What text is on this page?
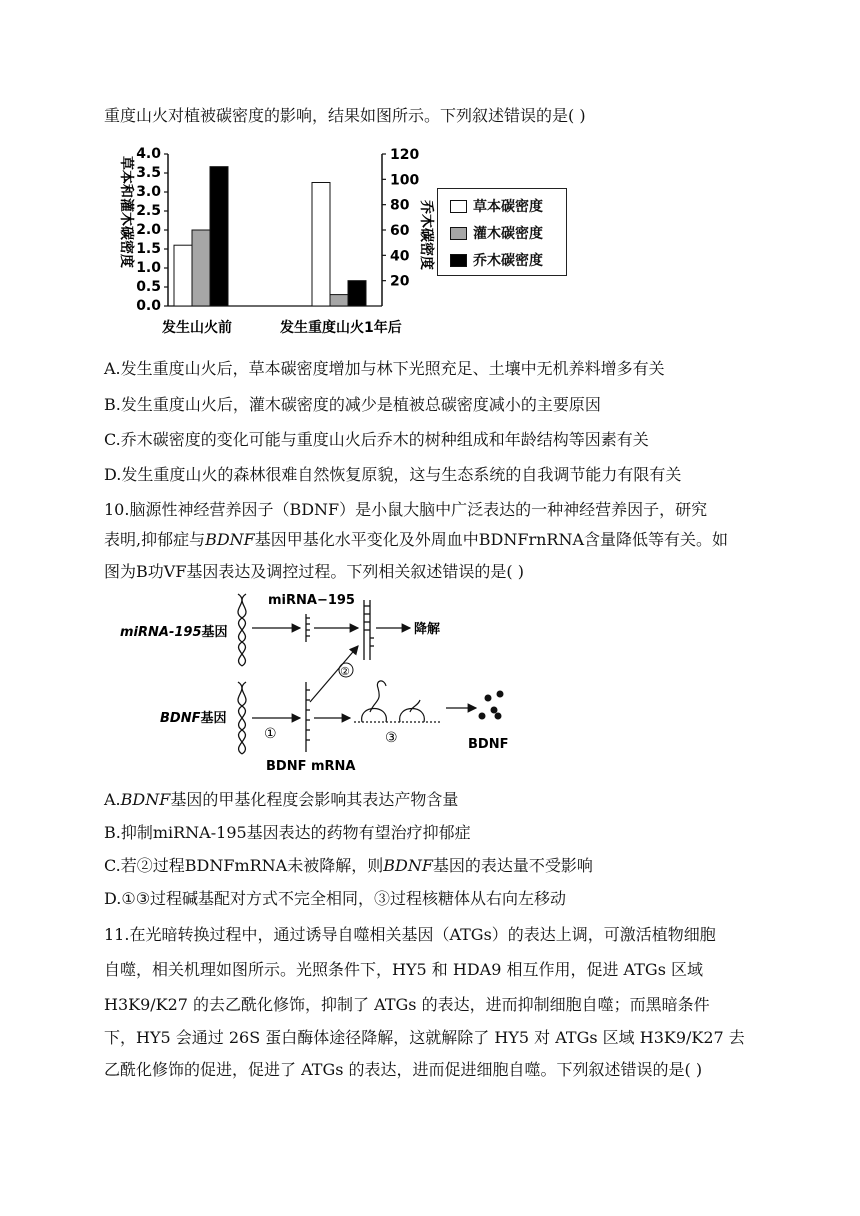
重度山火对植被碳密度的影响，结果如图所示。下列叙述错误的是( )
0.0
0.5
1.0
1.5
2.0
2.5
3.0
3.5
4.0
20
40
60
80
100
120
发生山火前	发生重度山火1年后
草本和灌木碳密度	乔木碳密度	草本碳密度
灌木碳密度
乔木碳密度
A.发生重度山火后，草本碳密度增加与林下光照充足、土壤中无机养料增多有关
B.发生重度山火后，灌木碳密度的减少是植被总碳密度减小的主要原因
C.乔木碳密度的变化可能与重度山火后乔木的树种组成和年龄结构等因素有关
D.发生重度山火的森林很难自然恢复原貌，这与生态系统的自我调节能力有限有关
10.脑源性神经营养因子（BDNF）是小鼠大脑中广泛表达的一种神经营养因子，研究
表明,抑郁症与BDNF基因甲基化水平变化及外周血中BDNFrnRNA含量降低等有关。如
图为B功VF基因表达及调控过程。下列相关叙述错误的是( )
miRNA-195基因
miRNA−195
降解
②
BDNF基因
①
BDNF mRNA
③	BDNF
A.BDNF基因的甲基化程度会影响其表达产物含量
B.抑制miRNA-195基因表达的药物有望治疗抑郁症
C.若②过程BDNFmRNA未被降解，则BDNF基因的表达量不受影响
D.①③过程碱基配对方式不完全相同，③过程核糖体从右向左移动
11.在光暗转换过程中，通过诱导自噬相关基因（ATGs）的表达上调，可激活植物细胞
自噬，相关机理如图所示。光照条件下，HY5 和 HDA9 相互作用，促进 ATGs 区域
H3K9/K27 的去乙酰化修饰，抑制了 ATGs 的表达，进而抑制细胞自噬；而黑暗条件
下，HY5 会通过 26S 蛋白酶体途径降解，这就解除了 HY5 对 ATGs 区域 H3K9/K27 去
乙酰化修饰的促进，促进了 ATGs 的表达，进而促进细胞自噬。下列叙述错误的是( )
